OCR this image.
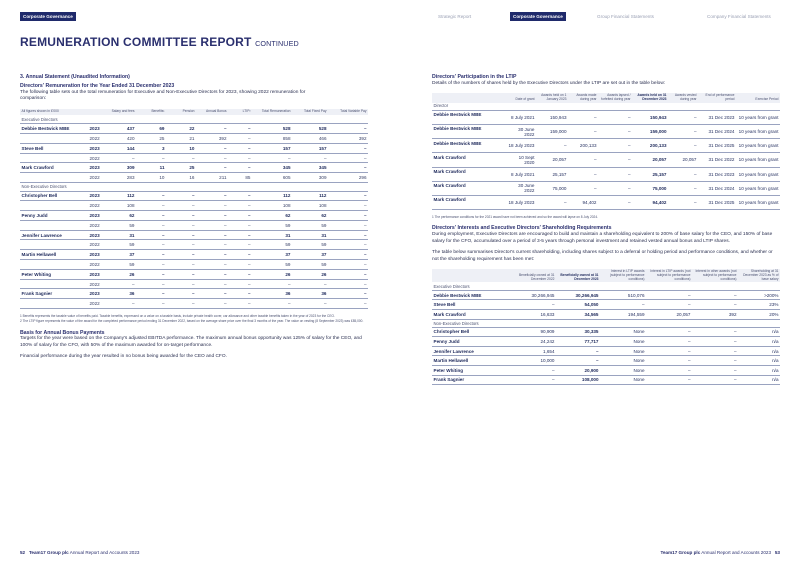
Corporate Governance	Strategic Report	Corporate Governance	Group Financial Statements	Company Financial Statements
REMUNERATION COMMITTEE REPORT CONTINUED
3. Annual Statement (Unaudited Information)
Directors' Remuneration for the Year Ended 31 December 2023

The following table sets out the total remuneration for Executive and Non-Executive Directors for 2023, showing 2022 remuneration for comparison:

All figures shown in £'000		Salary and fees	Benefits¹	Pension	Annual Bonus	LTIP²	Total Remuneration	Total Fixed Pay	Total Variable Pay
Executive Directors									
Debbie Bestwick MBE	2023	437	69	22	–	–	528	528	–
	2022	420	25	21	392	–	858	466	392
Steve Bell	2023	144	3	10	–	–	157	157	–
	2022	–	–	–	–	–	–	–	–
Mark Crawford	2023	309	11	25	–	–	345	345	–
	2022	283	10	16	211	85	605	309	296
Non-Executive Directors									
Christopher Bell	2023	112	–	–	–	–	112	112	–
	2022	108	–	–	–	–	108	108	–
Penny Judd	2023	62	–	–	–	–	62	62	–
	2022	59	–	–	–	–	59	59	–
Jennifer Lawrence	2023	31	–	–	–	–	31	31	–
	2022	59	–	–	–	–	59	59	–
Martin Hellawell	2023	37	–	–	–	–	37	37	–
	2022	59	–	–	–	–	59	59	–
Peter Whiting	2023	26	–	–	–	–	26	26	–
	2022	–	–	–	–	–	–	–	–
Frank Sagnier	2023	36	–	–	–	–	36	36	–
	2022	–	–	–	–	–	–	–	–

1 Benefits represents the taxable value of benefits paid. Taxable benefits, expressed on a value on a taxable basis, include private health cover, car allowance and other taxable benefits taken in the year of 2023 for the CEO.

2 The LTIP figure represents the value of the award for the completed performance period ending 31 December 2022, based on the average share price over the final 3 months of the year. The value on vesting (8 September 2023) was £85,000.

Basis for Annual Bonus Payments

Targets for the year were based on the Company's adjusted EBITDA performance. The maximum annual bonus opportunity was 125% of salary for the CEO, and 100% of salary for the CFO, with 50% of the maximum awarded for on-target performance.

Financial performance during the year resulted in no bonus being awarded for the CEO and CFO.

Directors' Participation in the LTIP

Details of the numbers of shares held by the Executive Directors under the LTIP are set out in the table below:

	Date of grant	Awards held on 1 January 2023	Awards made during year	Awards lapsed / forfeited during year	Awards held on 31 December 2023	Awards vested during year	End of performance period	Exercise Period
Director								
Debbie Bestwick MBE	8 July 2021	150,943	–	–	150,943	–	31 Dec 2023	10 years from grant
Debbie Bestwick MBE	30 June 2022	159,000	–	–	159,000	–	31 Dec 2024	10 years from grant
Debbie Bestwick MBE	18 July 2023	–	200,133	–	200,133	–	31 Dec 2025	10 years from grant
Mark Crawford	10 Sept 2020	20,057	–	–	20,057	20,057	31 Dec 2022	10 years from grant
Mark Crawford	8 July 2021	25,157	–	–	25,157	–	31 Dec 2023	10 years from grant
Mark Crawford	30 June 2022	75,000	–	–	75,000	–	31 Dec 2024	10 years from grant
Mark Crawford	18 July 2023	–	94,402	–	94,402	–	31 Dec 2025	10 years from grant

1 The performance conditions for the 2021 award have not been achieved and so the award will lapse on 8 July 2024.

Directors' Interests and Executive Directors' Shareholding Requirements

During employment, Executive Directors are encouraged to build and maintain a shareholding equivalent to 200% of base salary for the CEO, and 150% of base salary for the CFO, accumulated over a period of 3-5 years through personal investment and retained vested annual bonus and LTIP shares.

The table below summarises Director's current shareholding, including shares subject to a deferral or holding period and performance conditions, and whether or not the shareholding requirement has been met:

	Beneficially owned at 31 December 2022	Beneficially owned at 31 December 2023	Interest in LTIP awards (subject to performance conditions)	Interest in LTIP awards (not subject to performance conditions)	Interest in other awards (not subject to performance conditions)	Shareholding at 31 December 2023 as % of base salary
Executive Directors						
Debbie Bestwick MBE	30,266,945	30,266,945	510,076	–	–	>200%
Steve Bell	–	54,050	–	–	–	23%
Mark Crawford	16,633	34,565	194,559	20,057	392	20%
Non-Executive Directors						
Christopher Bell	90,909	30,335	None	–	–	n/a
Penny Judd	24,242	77,717	None	–	–	n/a
Jennifer Lawrence	1,654	–	None	–	–	n/a
Martin Hellawell	10,000	–	None	–	–	n/a
Peter Whiting	–	20,900	None	–	–	n/a
Frank Sagnier	–	108,000	None	–	–	n/a
52 Team17 Group plc Annual Report and Accounts 2023	Team17 Group plc Annual Report and Accounts 2023 53
